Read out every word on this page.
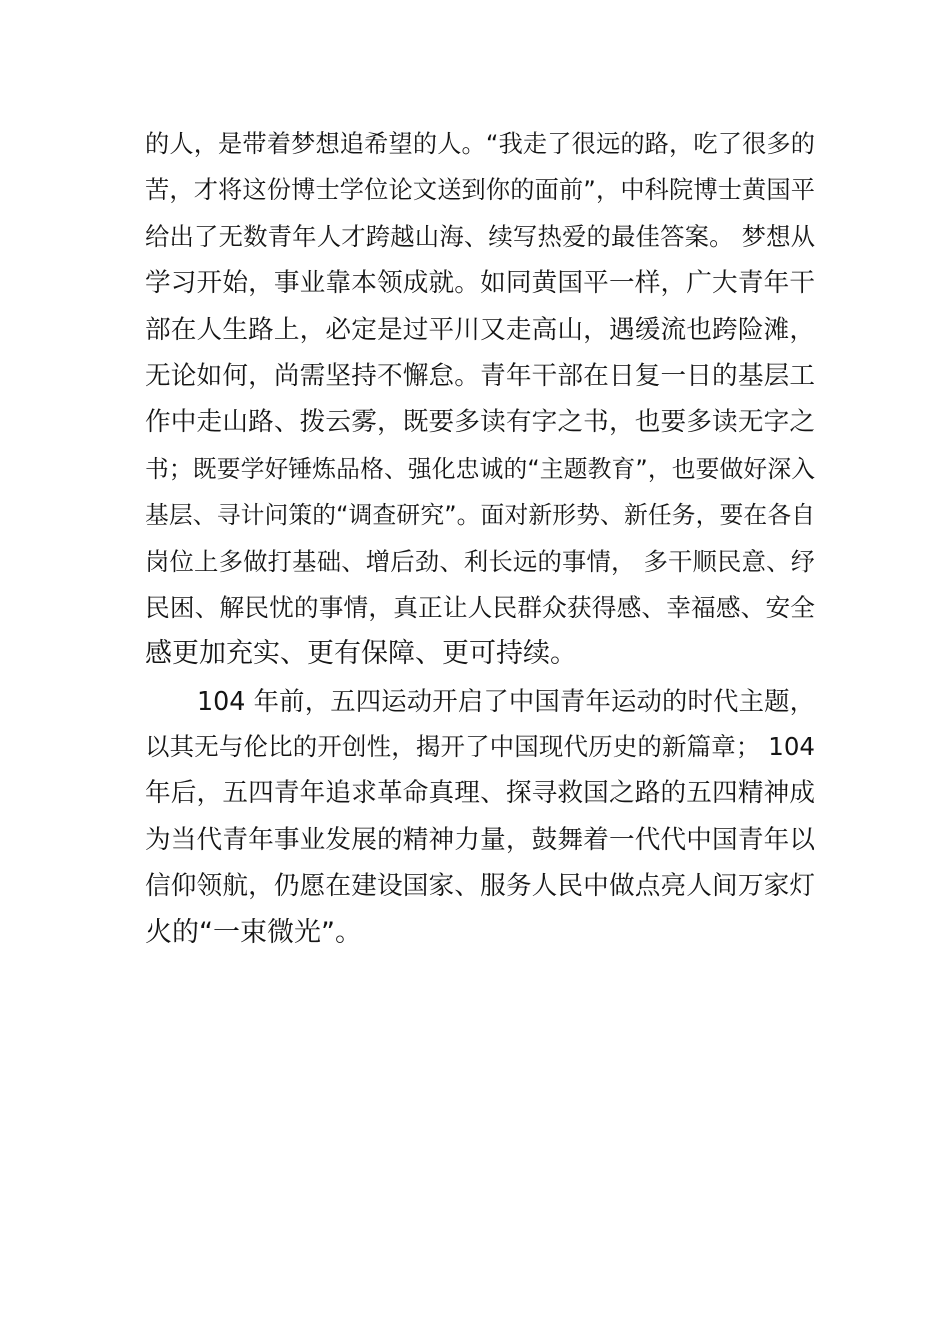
的人，是带着梦想追希望的人。“我走了很远的路，吃了很多的
苦，才将这份博士学位论文送到你的面前”，中科院博士黄国平
给出了无数青年人才跨越山海、续写热爱的最佳答案。 梦想从
学习开始，事业靠本领成就。如同黄国平一样，广大青年干
部在人生路上，必定是过平川又走高山，遇缓流也跨险滩，
无论如何，尚需坚持不懈怠。青年干部在日复一日的基层工
作中走山路、拨云雾，既要多读有字之书，也要多读无字之
书；既要学好锤炼品格、强化忠诚的“主题教育”，也要做好深入
基层、寻计问策的“调查研究”。面对新形势、新任务，要在各自
岗位上多做打基础、增后劲、利长远的事情， 多干顺民意、纾
民困、解民忧的事情，真正让人民群众获得感、幸福感、安全
感更加充实、更有保障、更可持续。
104 年前，五四运动开启了中国青年运动的时代主题，
以其无与伦比的开创性，揭开了中国现代历史的新篇章； 104
年后，五四青年追求革命真理、探寻救国之路的五四精神成
为当代青年事业发展的精神力量，鼓舞着一代代中国青年以
信仰领航，仍愿在建设国家、服务人民中做点亮人间万家灯
火的“一束微光”。
